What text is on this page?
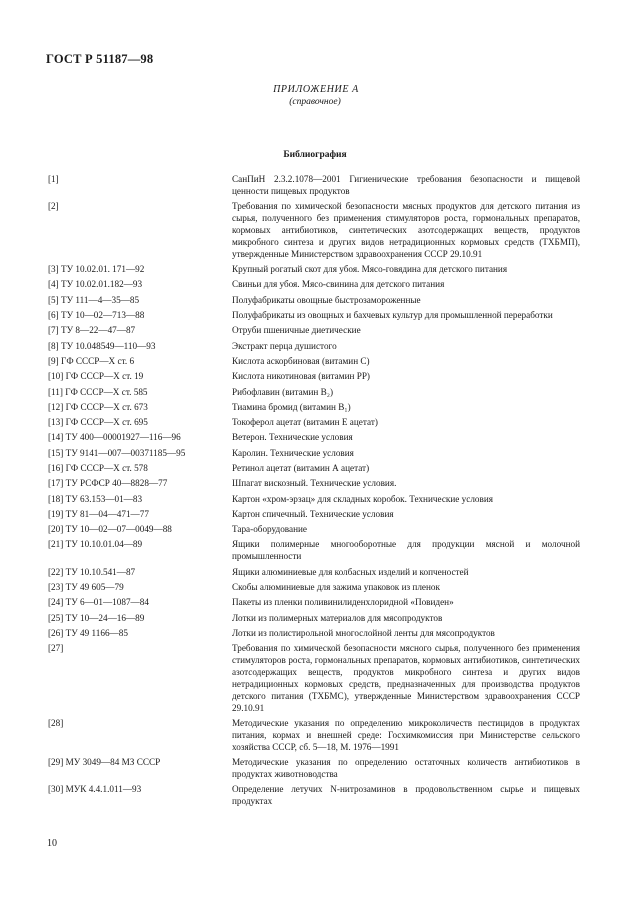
ГОСТ Р 51187—98
ПРИЛОЖЕНИЕ А
(справочное)
Библиография
[1]	СанПиН 2.3.2.1078—2001 Гигиенические требования безопасности и пищевой ценности пищевых продуктов
[2]	Требования по химической безопасности мясных продуктов для детского питания из сырья, полученного без применения стимуляторов роста, гормональных препаратов, кормовых антибиотиков, синтетических азотсодержащих веществ, продуктов микробного синтеза и других видов нетрадиционных кормовых средств (ТХБМП), утвержденные Министерством здравоохранения СССР 29.10.91
[3] ТУ 10.02.01. 171—92	Крупный рогатый скот для убоя. Мясо-говядина для детского питания
[4] ТУ 10.02.01.182—93	Свиньи для убоя. Мясо-свинина для детского питания
[5] ТУ 111—4—35—85	Полуфабрикаты овощные быстрозамороженные
[6] ТУ 10—02—713—88	Полуфабрикаты из овощных и бахчевых культур для промышленной переработки
[7] ТУ 8—22—47—87	Отруби пшеничные диетические
[8] ТУ 10.048549—110—93	Экстракт перца душистого
[9] ГФ СССР—Х ст. 6	Кислота аскорбиновая (витамин С)
[10] ГФ СССР—Х ст. 19	Кислота никотиновая (витамин РР)
[11] ГФ СССР—Х ст. 585	Рибофлавин (витамин В₂)
[12] ГФ СССР—Х ст. 673	Тиамина бромид (витамин В₁)
[13] ГФ СССР—Х ст. 695	Токоферол ацетат (витамин Е ацетат)
[14] ТУ 400—00001927—116—96	Ветерон. Технические условия
[15] ТУ 9141—007—00371185—95	Каролин. Технические условия
[16] ГФ СССР—Х ст. 578	Ретинол ацетат (витамин А ацетат)
[17] ТУ РСФСР 40—8828—77	Шпагат вискозный. Технические условия.
[18] ТУ 63.153—01—83	Картон «хром-эрзац» для складных коробок. Технические условия
[19] ТУ 81—04—471—77	Картон спичечный. Технические условия
[20] ТУ 10—02—07—0049—88	Тара-оборудование
[21] ТУ 10.10.01.04—89	Ящики полимерные многооборотные для продукции мясной и молочной промышленности
[22] ТУ 10.10.541—87	Ящики алюминиевые для колбасных изделий и копченостей
[23] ТУ 49 605—79	Скобы алюминиевые для зажима упаковок из пленок
[24] ТУ 6—01—1087—84	Пакеты из пленки поливинилиденхлоридной «Повиден»
[25] ТУ 10—24—16—89	Лотки из полимерных материалов для мясопродуктов
[26] ТУ 49 1166—85	Лотки из полистирольной многослойной ленты для мясопродуктов
[27]	Требования по химической безопасности мясного сырья, полученного без применения стимуляторов роста, гормональных препаратов, кормовых антибиотиков, синтетических азотсодержащих веществ, продуктов микробного синтеза и других видов нетрадиционных кормовых средств, предназначенных для производства продуктов детского питания (ТХБМС), утвержденные Министерством здравоохранения СССР 29.10.91
[28]	Методические указания по определению микроколичеств пестицидов в продуктах питания, кормах и внешней среде: Госхимкомиссия при Министерстве сельского хозяйства СССР, сб. 5—18, М. 1976—1991
[29] МУ 3049—84 МЗ СССР	Методические указания по определению остаточных количеств антибиотиков в продуктах животноводства
[30] МУК 4.4.1.011—93	Определение летучих N-нитрозаминов в продовольственном сырье и пищевых продуктах
10
